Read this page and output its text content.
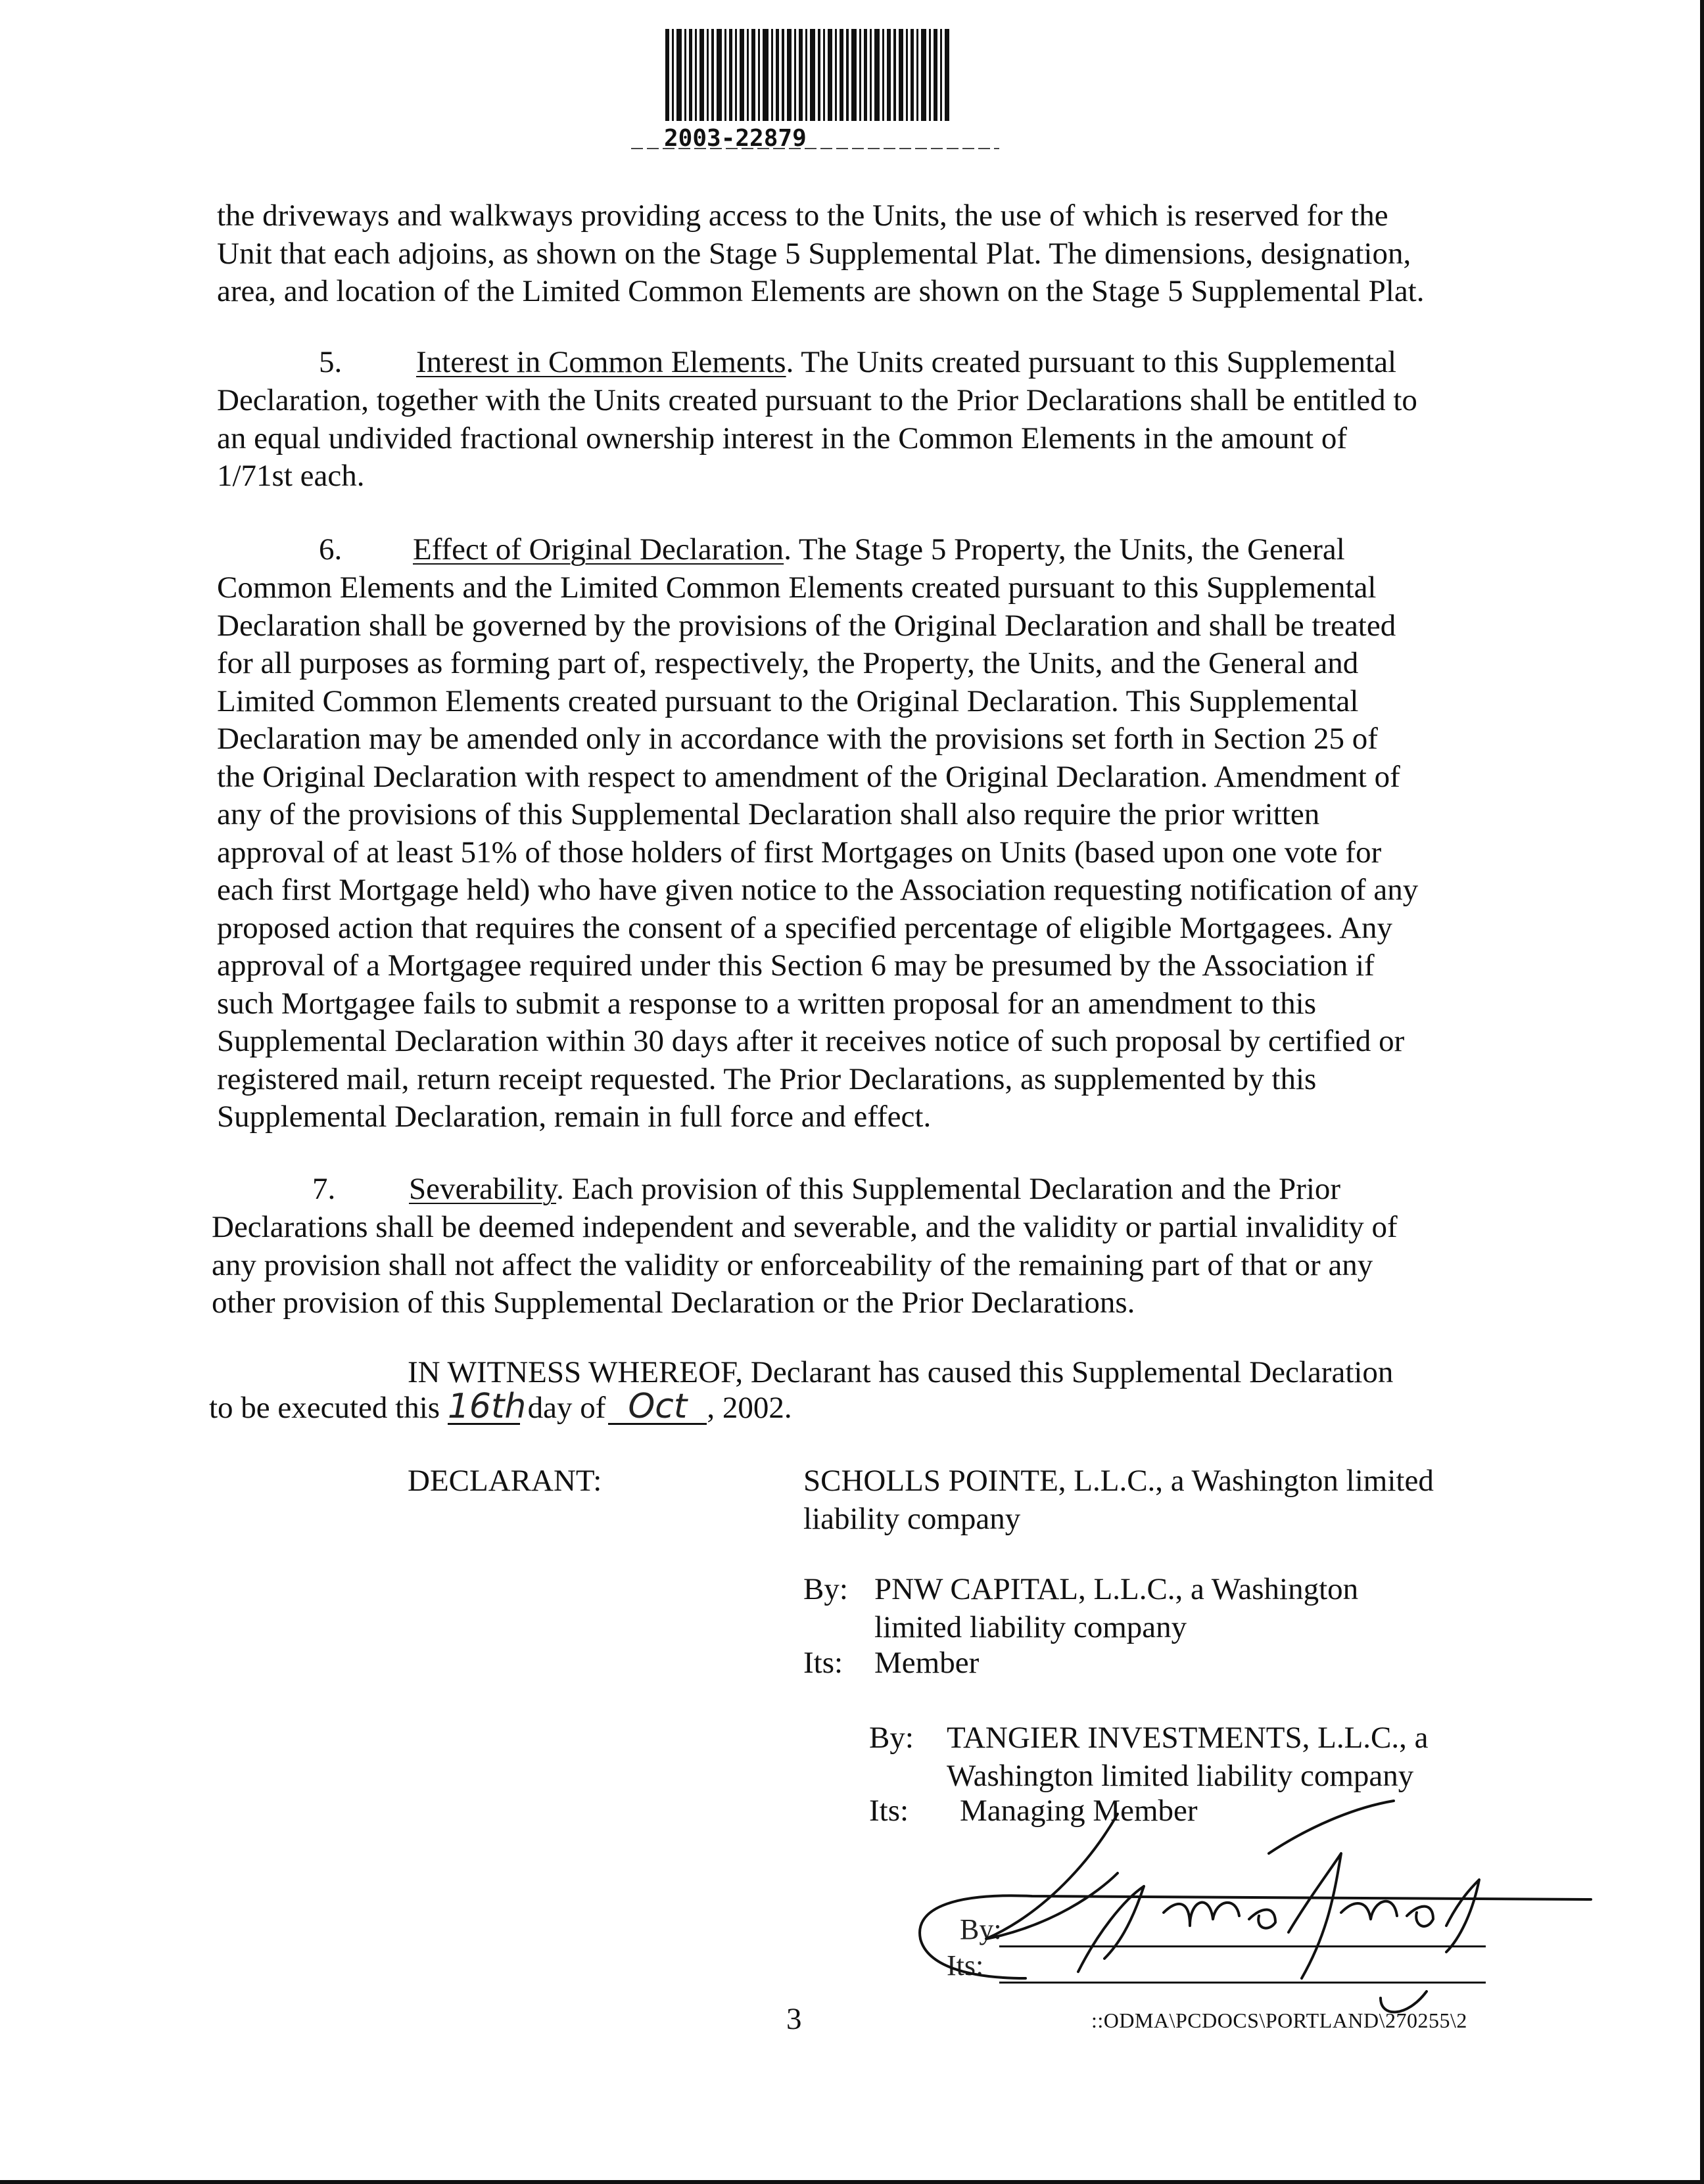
2003-22879
the driveways and walkways providing access to the Units, the use of which is reserved for the
Unit that each adjoins, as shown on the Stage 5 Supplemental Plat. The dimensions, designation,
area, and location of the Limited Common Elements are shown on the Stage 5 Supplemental Plat.
5. Interest in Common Elements. The Units created pursuant to this Supplemental
Declaration, together with the Units created pursuant to the Prior Declarations shall be entitled to
an equal undivided fractional ownership interest in the Common Elements in the amount of
1/71st each.
6. Effect of Original Declaration. The Stage 5 Property, the Units, the General
Common Elements and the Limited Common Elements created pursuant to this Supplemental
Declaration shall be governed by the provisions of the Original Declaration and shall be treated
for all purposes as forming part of, respectively, the Property, the Units, and the General and
Limited Common Elements created pursuant to the Original Declaration. This Supplemental
Declaration may be amended only in accordance with the provisions set forth in Section 25 of
the Original Declaration with respect to amendment of the Original Declaration. Amendment of
any of the provisions of this Supplemental Declaration shall also require the prior written
approval of at least 51% of those holders of first Mortgages on Units (based upon one vote for
each first Mortgage held) who have given notice to the Association requesting notification of any
proposed action that requires the consent of a specified percentage of eligible Mortgagees. Any
approval of a Mortgagee required under this Section 6 may be presumed by the Association if
such Mortgagee fails to submit a response to a written proposal for an amendment to this
Supplemental Declaration within 30 days after it receives notice of such proposal by certified or
registered mail, return receipt requested. The Prior Declarations, as supplemented by this
Supplemental Declaration, remain in full force and effect.
7. Severability. Each provision of this Supplemental Declaration and the Prior
Declarations shall be deemed independent and severable, and the validity or partial invalidity of
any provision shall not affect the validity or enforceability of the remaining part of that or any
other provision of this Supplemental Declaration or the Prior Declarations.
IN WITNESS WHEREOF, Declarant has caused this Supplemental Declaration
to be executed this 16th day of Oct , 2002.
DECLARANT:	SCHOLLS POINTE, L.L.C., a Washington limited
liability company
By: PNW CAPITAL, L.L.C., a Washington
limited liability company
Its: Member
By: TANGIER INVESTMENTS, L.L.C., a
Washington limited liability company
Its: Managing Member
By:
Its:
3	::ODMA\PCDOCS\PORTLAND\270255\2
